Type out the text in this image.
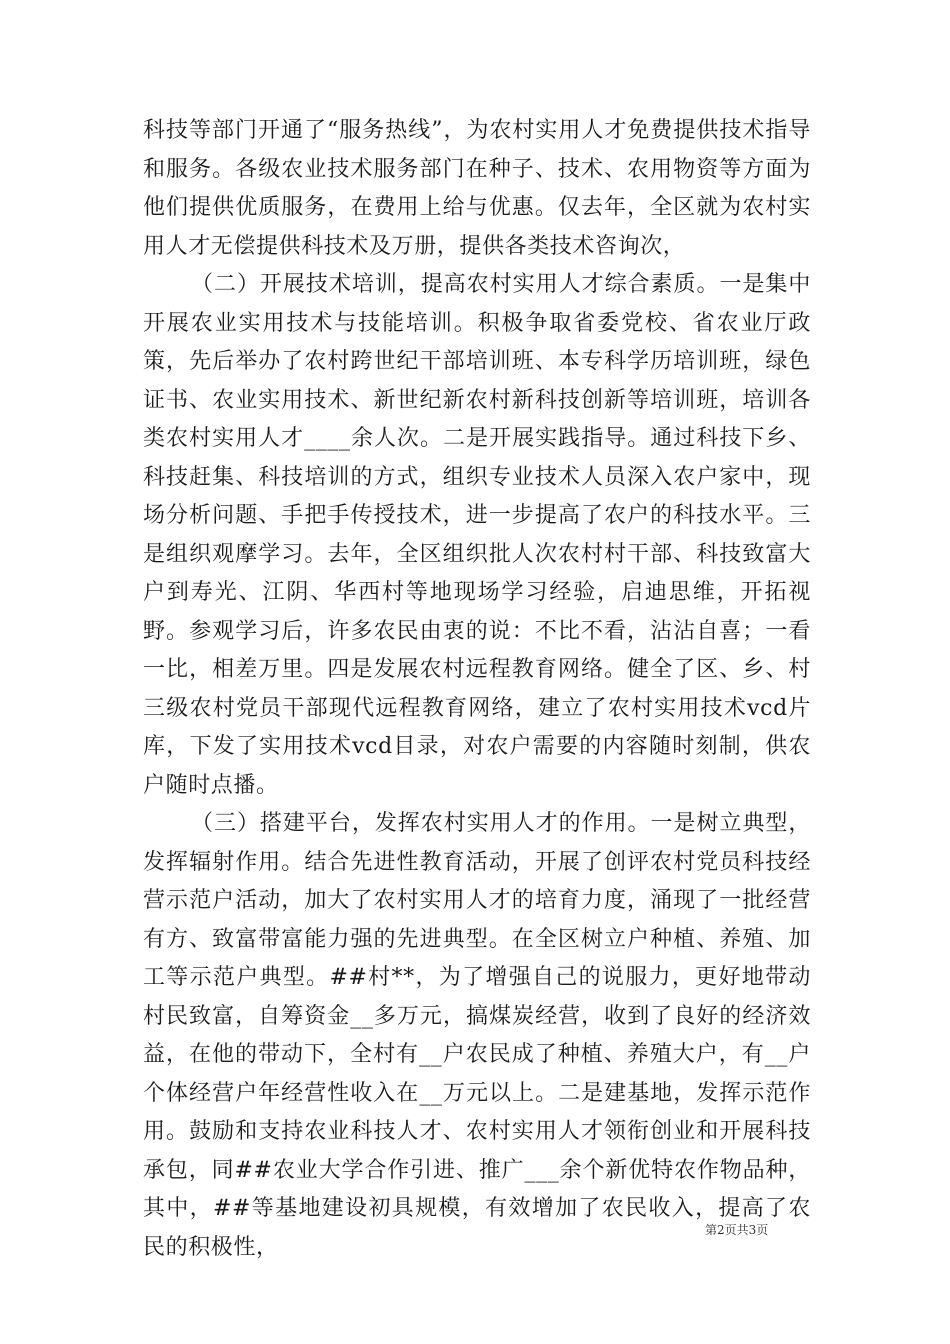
科技等部门开通了“服务热线”，为农村实用人才免费提供技术指导和服务。各级农业技术服务部门在种子、技术、农用物资等方面为他们提供优质服务，在费用上给与优惠。仅去年，全区就为农村实用人才无偿提供科技术及万册，提供各类技术咨询次，

（二）开展技术培训，提高农村实用人才综合素质。一是集中开展农业实用技术与技能培训。积极争取省委党校、省农业厅政策，先后举办了农村跨世纪干部培训班、本专科学历培训班，绿色证书、农业实用技术、新世纪新农村新科技创新等培训班，培训各类农村实用人才____余人次。二是开展实践指导。通过科技下乡、科技赶集、科技培训的方式，组织专业技术人员深入农户家中，现场分析问题、手把手传授技术，进一步提高了农户的科技水平。三是组织观摩学习。去年，全区组织批人次农村村干部、科技致富大户到寿光、江阴、华西村等地现场学习经验，启迪思维，开拓视野。参观学习后，许多农民由衷的说：不比不看，沾沾自喜；一看一比，相差万里。四是发展农村远程教育网络。健全了区、乡、村三级农村党员干部现代远程教育网络，建立了农村实用技术vcd片库，下发了实用技术vcd目录，对农户需要的内容随时刻制，供农户随时点播。

（三）搭建平台，发挥农村实用人才的作用。一是树立典型，发挥辐射作用。结合先进性教育活动，开展了创评农村党员科技经营示范户活动，加大了农村实用人才的培育力度，涌现了一批经营有方、致富带富能力强的先进典型。在全区树立户种植、养殖、加工等示范户典型。##村**，为了增强自己的说服力，更好地带动村民致富，自筹资金__多万元，搞煤炭经营，收到了良好的经济效益，在他的带动下，全村有__户农民成了种植、养殖大户，有__户个体经营户年经营性收入在__万元以上。二是建基地，发挥示范作用。鼓励和支持农业科技人才、农村实用人才领衔创业和开展科技承包，同##农业大学合作引进、推广___余个新优特农作物品种，其中，##等基地建设初具规模，有效增加了农民收入，提高了农民的积极性，

第2页共3页
